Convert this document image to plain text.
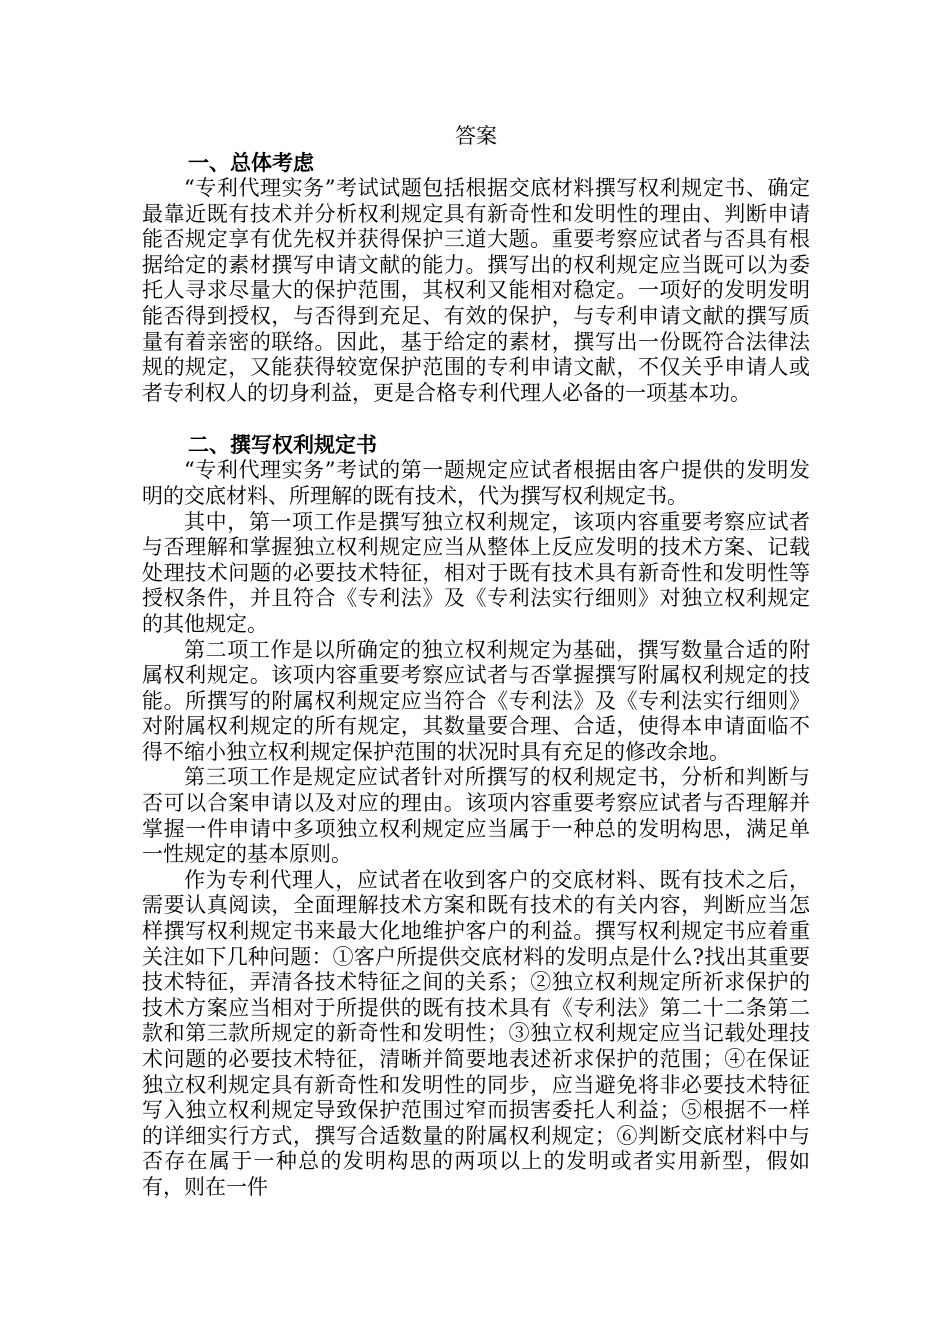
答案

一、总体考虑

“专利代理实务”考试试题包括根据交底材料撰写权利规定书、确定最靠近既有技术并分析权利规定具有新奇性和发明性的理由、判断申请能否规定享有优先权并获得保护三道大题。重要考察应试者与否具有根据给定的素材撰写申请文献的能力。撰写出的权利规定应当既可以为委托人寻求尽量大的保护范围，其权利又能相对稳定。一项好的发明发明能否得到授权，与否得到充足、有效的保护，与专利申请文献的撰写质量有着亲密的联络。因此，基于给定的素材，撰写出一份既符合法律法规的规定，又能获得较宽保护范围的专利申请文献，不仅关乎申请人或者专利权人的切身利益，更是合格专利代理人必备的一项基本功。

二、撰写权利规定书

“专利代理实务”考试的第一题规定应试者根据由客户提供的发明发明的交底材料、所理解的既有技术，代为撰写权利规定书。

其中，第一项工作是撰写独立权利规定，该项内容重要考察应试者与否理解和掌握独立权利规定应当从整体上反应发明的技术方案、记载处理技术问题的必要技术特征，相对于既有技术具有新奇性和发明性等授权条件，并且符合《专利法》及《专利法实行细则》对独立权利规定的其他规定。

第二项工作是以所确定的独立权利规定为基础，撰写数量合适的附属权利规定。该项内容重要考察应试者与否掌握撰写附属权利规定的技能。所撰写的附属权利规定应当符合《专利法》及《专利法实行细则》对附属权利规定的所有规定，其数量要合理、合适，使得本申请面临不得不缩小独立权利规定保护范围的状况时具有充足的修改余地。

第三项工作是规定应试者针对所撰写的权利规定书，分析和判断与否可以合案申请以及对应的理由。该项内容重要考察应试者与否理解并掌握一件申请中多项独立权利规定应当属于一种总的发明构思，满足单一性规定的基本原则。

作为专利代理人，应试者在收到客户的交底材料、既有技术之后，需要认真阅读，全面理解技术方案和既有技术的有关内容，判断应当怎样撰写权利规定书来最大化地维护客户的利益。撰写权利规定书应着重关注如下几种问题：①客户所提供交底材料的发明点是什么?找出其重要技术特征，弄清各技术特征之间的关系；②独立权利规定所祈求保护的技术方案应当相对于所提供的既有技术具有《专利法》第二十二条第二款和第三款所规定的新奇性和发明性；③独立权利规定应当记载处理技术问题的必要技术特征，清晰并简要地表述祈求保护的范围；④在保证独立权利规定具有新奇性和发明性的同步，应当避免将非必要技术特征写入独立权利规定导致保护范围过窄而损害委托人利益；⑤根据不一样的详细实行方式，撰写合适数量的附属权利规定；⑥判断交底材料中与否存在属于一种总的发明构思的两项以上的发明或者实用新型，假如有，则在一件
